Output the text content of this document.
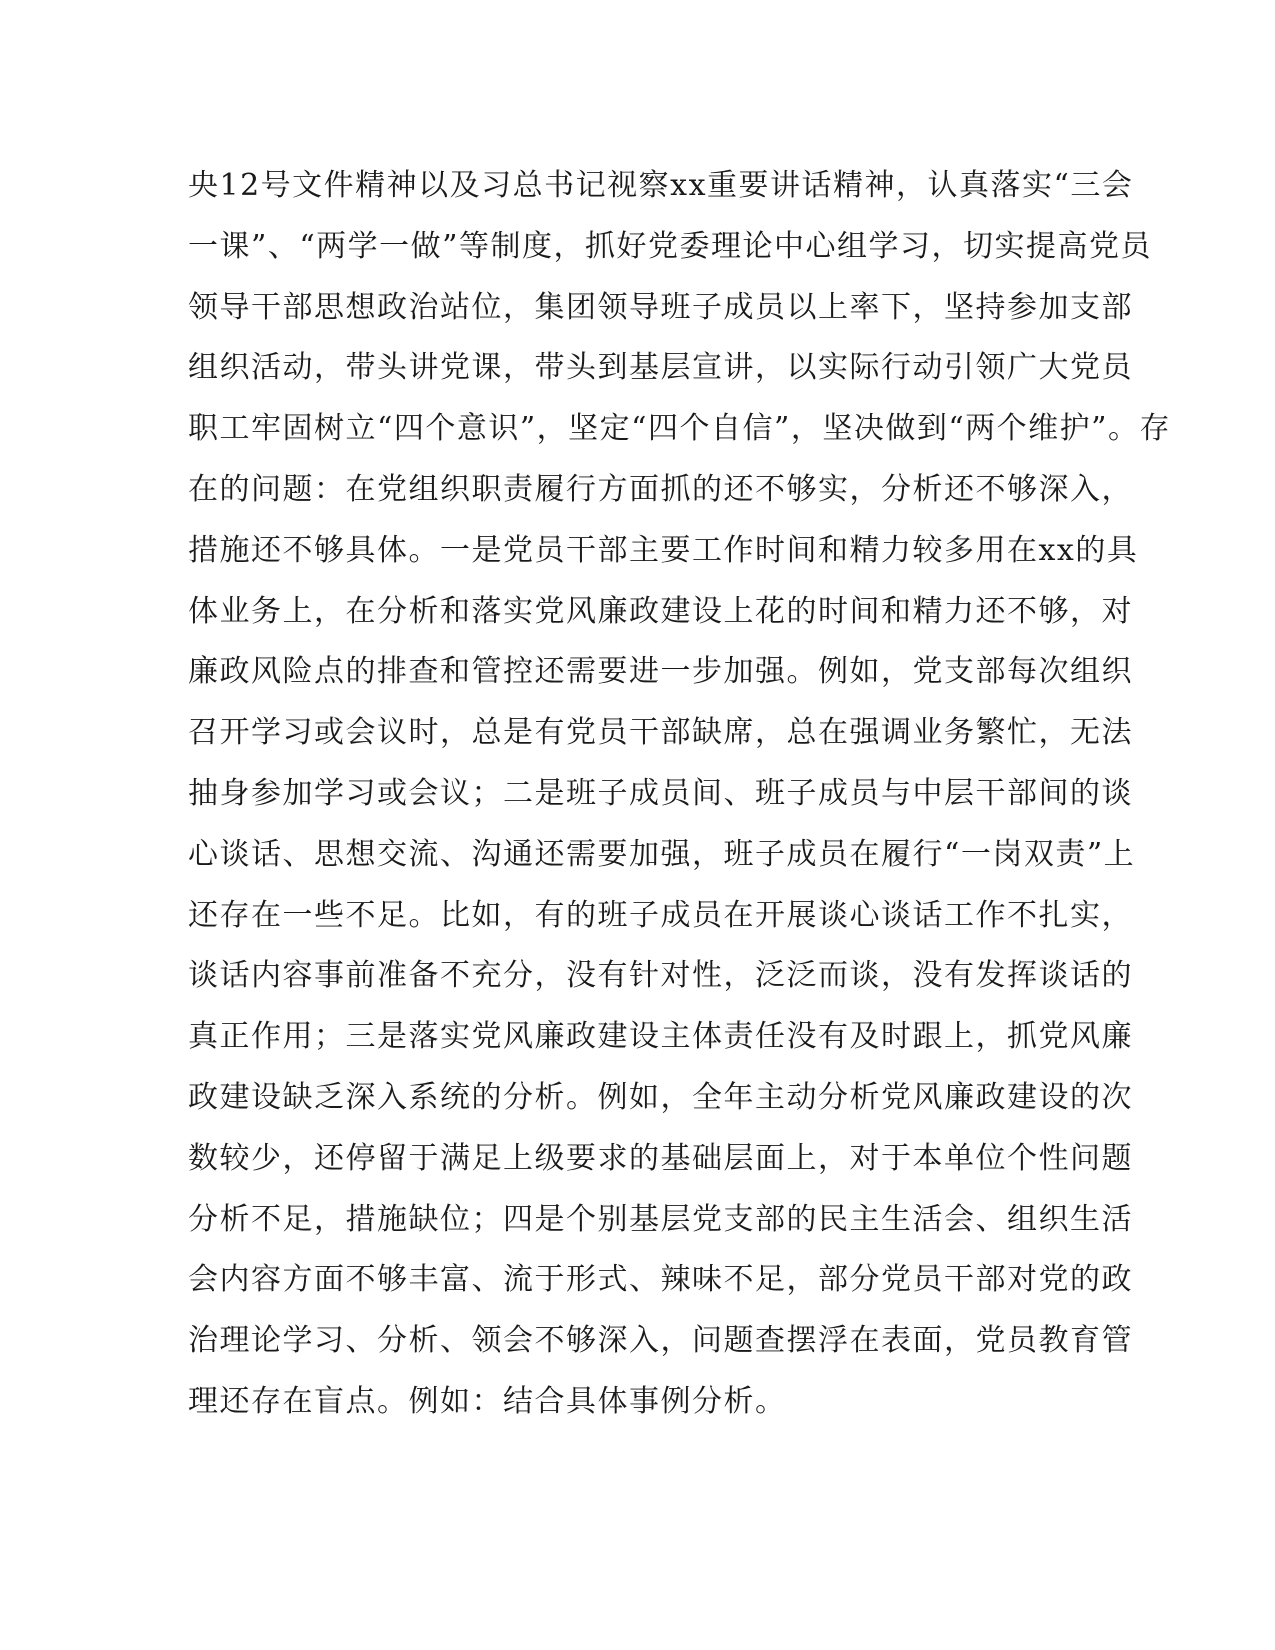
央12号文件精神以及习总书记视察xx重要讲话精神，认真落实“三会
一课”、“两学一做”等制度，抓好党委理论中心组学习，切实提高党员
领导干部思想政治站位，集团领导班子成员以上率下，坚持参加支部
组织活动，带头讲党课，带头到基层宣讲，以实际行动引领广大党员
职工牢固树立“四个意识”，坚定“四个自信”，坚决做到“两个维护”。存
在的问题：在党组织职责履行方面抓的还不够实，分析还不够深入，
措施还不够具体。一是党员干部主要工作时间和精力较多用在xx的具
体业务上，在分析和落实党风廉政建设上花的时间和精力还不够，对
廉政风险点的排查和管控还需要进一步加强。例如，党支部每次组织
召开学习或会议时，总是有党员干部缺席，总在强调业务繁忙，无法
抽身参加学习或会议；二是班子成员间、班子成员与中层干部间的谈
心谈话、思想交流、沟通还需要加强，班子成员在履行“一岗双责”上
还存在一些不足。比如，有的班子成员在开展谈心谈话工作不扎实，
谈话内容事前准备不充分，没有针对性，泛泛而谈，没有发挥谈话的
真正作用；三是落实党风廉政建设主体责任没有及时跟上，抓党风廉
政建设缺乏深入系统的分析。例如，全年主动分析党风廉政建设的次
数较少，还停留于满足上级要求的基础层面上，对于本单位个性问题
分析不足，措施缺位；四是个别基层党支部的民主生活会、组织生活
会内容方面不够丰富、流于形式、辣味不足，部分党员干部对党的政
治理论学习、分析、领会不够深入，问题查摆浮在表面，党员教育管
理还存在盲点。例如：结合具体事例分析。
